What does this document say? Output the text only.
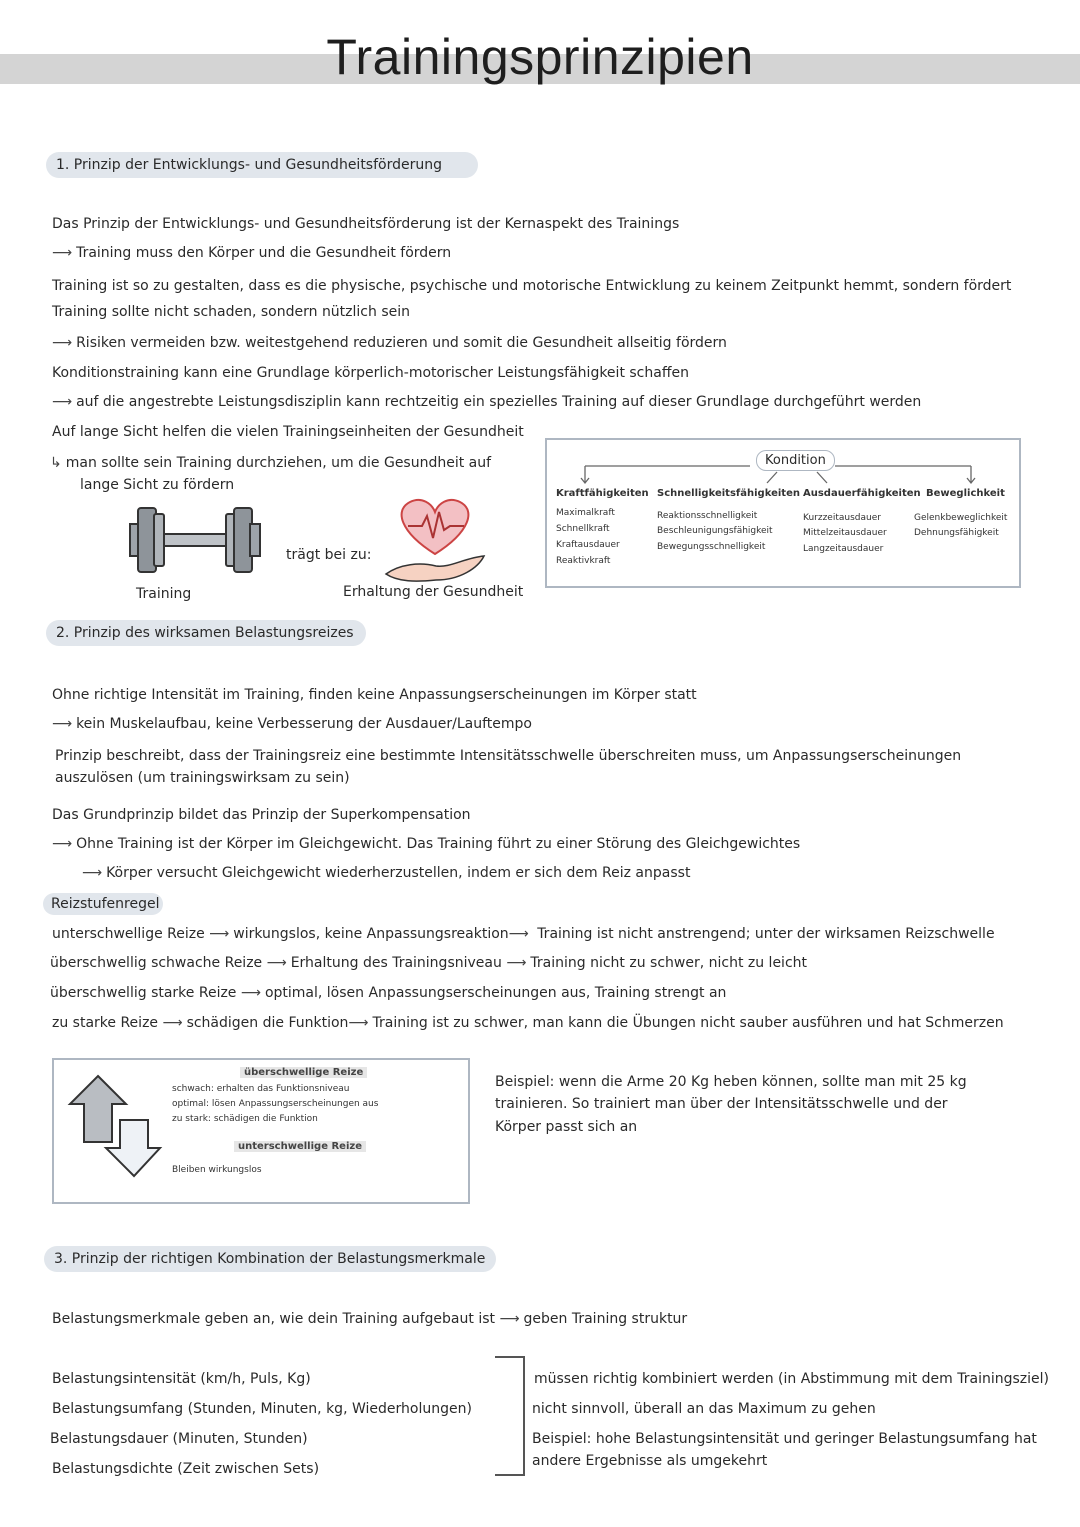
Trainingsprinzipien
1. Prinzip der Entwicklungs- und Gesundheitsförderung
Das Prinzip der Entwicklungs- und Gesundheitsförderung ist der Kernaspekt des Trainings
⟶ Training muss den Körper und die Gesundheit fördern
Training ist so zu gestalten, dass es die physische, psychische und motorische Entwicklung zu keinem Zeitpunkt hemmt, sondern fördert
Training sollte nicht schaden, sondern nützlich sein
⟶ Risiken vermeiden bzw. weitestgehend reduzieren und somit die Gesundheit allseitig fördern
Konditionstraining kann eine Grundlage körperlich-motorischer Leistungsfähigkeit schaffen
⟶ auf die angestrebte Leistungsdisziplin kann rechtzeitig ein spezielles Training auf dieser Grundlage durchgeführt werden
Auf lange Sicht helfen die vielen Trainingseinheiten der Gesundheit
↳ man sollte sein Training durchziehen, um die Gesundheit auf
lange Sicht zu fördern
Training
trägt bei zu:
Erhaltung der Gesundheit
Kondition
Kraftfähigkeiten
Maximalkraft
Schnellkraft
Kraftausdauer
Reaktivkraft
Schnelligkeitsfähigkeiten
Reaktionsschnelligkeit
Beschleunigungsfähigkeit
Bewegungsschnelligkeit
Ausdauerfähigkeiten
Kurzzeitausdauer
Mittelzeitausdauer
Langzeitausdauer
Beweglichkeit
Gelenkbeweglichkeit
Dehnungsfähigkeit
2. Prinzip des wirksamen Belastungsreizes
Ohne richtige Intensität im Training, finden keine Anpassungserscheinungen im Körper statt
⟶ kein Muskelaufbau, keine Verbesserung der Ausdauer/Lauftempo
Prinzip beschreibt, dass der Trainingsreiz eine bestimmte Intensitätsschwelle überschreiten muss, um Anpassungserscheinungen
auszulösen (um trainingswirksam zu sein)
Das Grundprinzip bildet das Prinzip der Superkompensation
⟶ Ohne Training ist der Körper im Gleichgewicht. Das Training führt zu einer Störung des Gleichgewichtes
⟶ Körper versucht Gleichgewicht wiederherzustellen, indem er sich dem Reiz anpasst
Reizstufenregel
unterschwellige Reize ⟶ wirkungslos, keine Anpassungsreaktion⟶ Training ist nicht anstrengend; unter der wirksamen Reizschwelle
überschwellig schwache Reize ⟶ Erhaltung des Trainingsniveau ⟶ Training nicht zu schwer, nicht zu leicht
überschwellig starke Reize ⟶ optimal, lösen Anpassungserscheinungen aus, Training strengt an
zu starke Reize ⟶ schädigen die Funktion⟶ Training ist zu schwer, man kann die Übungen nicht sauber ausführen und hat Schmerzen
überschwellige Reize
schwach: erhalten das Funktionsniveau
optimal: lösen Anpassungserscheinungen aus
zu stark: schädigen die Funktion
unterschwellige Reize
Bleiben wirkungslos
Beispiel: wenn die Arme 20 Kg heben können, sollte man mit 25 kg
trainieren. So trainiert man über der Intensitätsschwelle und der
Körper passt sich an
3. Prinzip der richtigen Kombination der Belastungsmerkmale
Belastungsmerkmale geben an, wie dein Training aufgebaut ist ⟶ geben Training struktur
Belastungsintensität (km/h, Puls, Kg)
Belastungsumfang (Stunden, Minuten, kg, Wiederholungen)
Belastungsdauer (Minuten, Stunden)
Belastungsdichte (Zeit zwischen Sets)
müssen richtig kombiniert werden (in Abstimmung mit dem Trainingsziel)
nicht sinnvoll, überall an das Maximum zu gehen
Beispiel: hohe Belastungsintensität und geringer Belastungsumfang hat
andere Ergebnisse als umgekehrt
